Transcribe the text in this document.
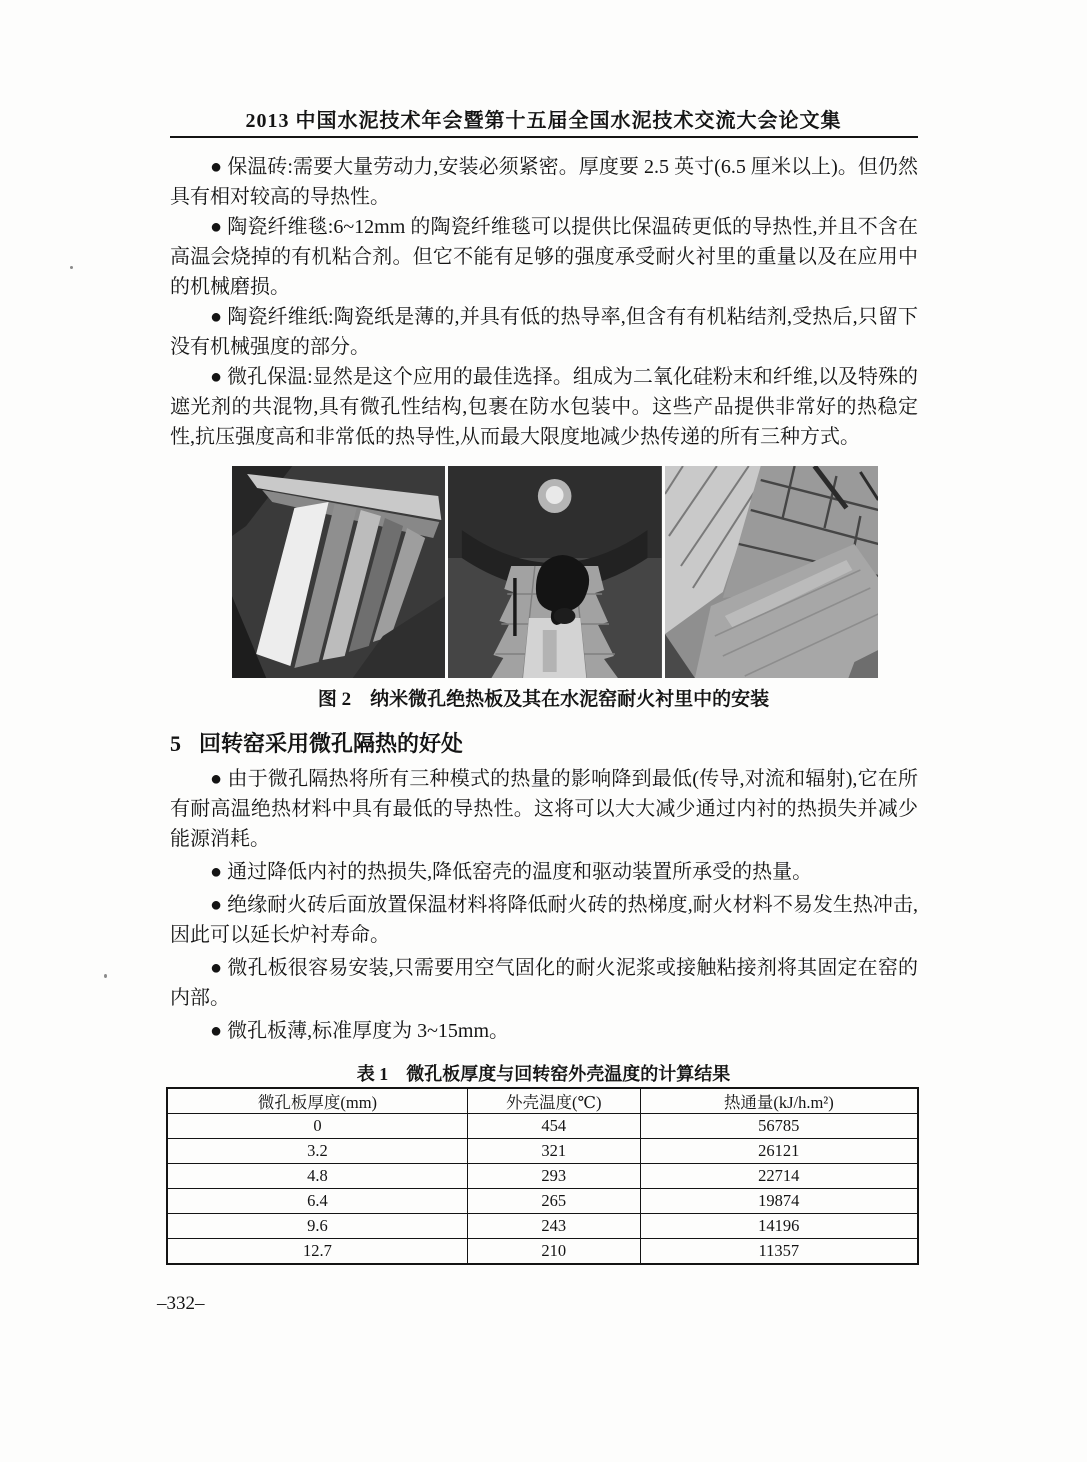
2013 中国水泥技术年会暨第十五届全国水泥技术交流大会论文集

● 保温砖:需要大量劳动力,安装必须紧密。厚度要 2.5 英寸(6.5 厘米以上)。但仍然具有相对较高的导热性。

● 陶瓷纤维毯:6~12mm 的陶瓷纤维毯可以提供比保温砖更低的导热性,并且不含在高温会烧掉的有机粘合剂。但它不能有足够的强度承受耐火衬里的重量以及在应用中的机械磨损。

● 陶瓷纤维纸:陶瓷纸是薄的,并具有低的热导率,但含有有机粘结剂,受热后,只留下没有机械强度的部分。

● 微孔保温:显然是这个应用的最佳选择。组成为二氧化硅粉末和纤维,以及特殊的遮光剂的共混物,具有微孔性结构,包裹在防水包装中。这些产品提供非常好的热稳定性,抗压强度高和非常低的热导性,从而最大限度地减少热传递的所有三种方式。

图 2　纳米微孔绝热板及其在水泥窑耐火衬里中的安装
5 回转窑采用微孔隔热的好处

● 由于微孔隔热将所有三种模式的热量的影响降到最低(传导,对流和辐射),它在所有耐高温绝热材料中具有最低的导热性。这将可以大大减少通过内衬的热损失并减少能源消耗。

● 通过降低内衬的热损失,降低窑壳的温度和驱动装置所承受的热量。

● 绝缘耐火砖后面放置保温材料将降低耐火砖的热梯度,耐火材料不易发生热冲击,因此可以延长炉衬寿命。

● 微孔板很容易安装,只需要用空气固化的耐火泥浆或接触粘接剂将其固定在窑的内部。

● 微孔板薄,标准厚度为 3~15mm。

表 1　微孔板厚度与回转窑外壳温度的计算结果
微孔板厚度(mm)	外壳温度(℃)	热通量(kJ/h.m²)
0	454	56785
3.2	321	26121
4.8	293	22714
6.4	265	19874
9.6	243	14196
12.7	210	11357
–332–
